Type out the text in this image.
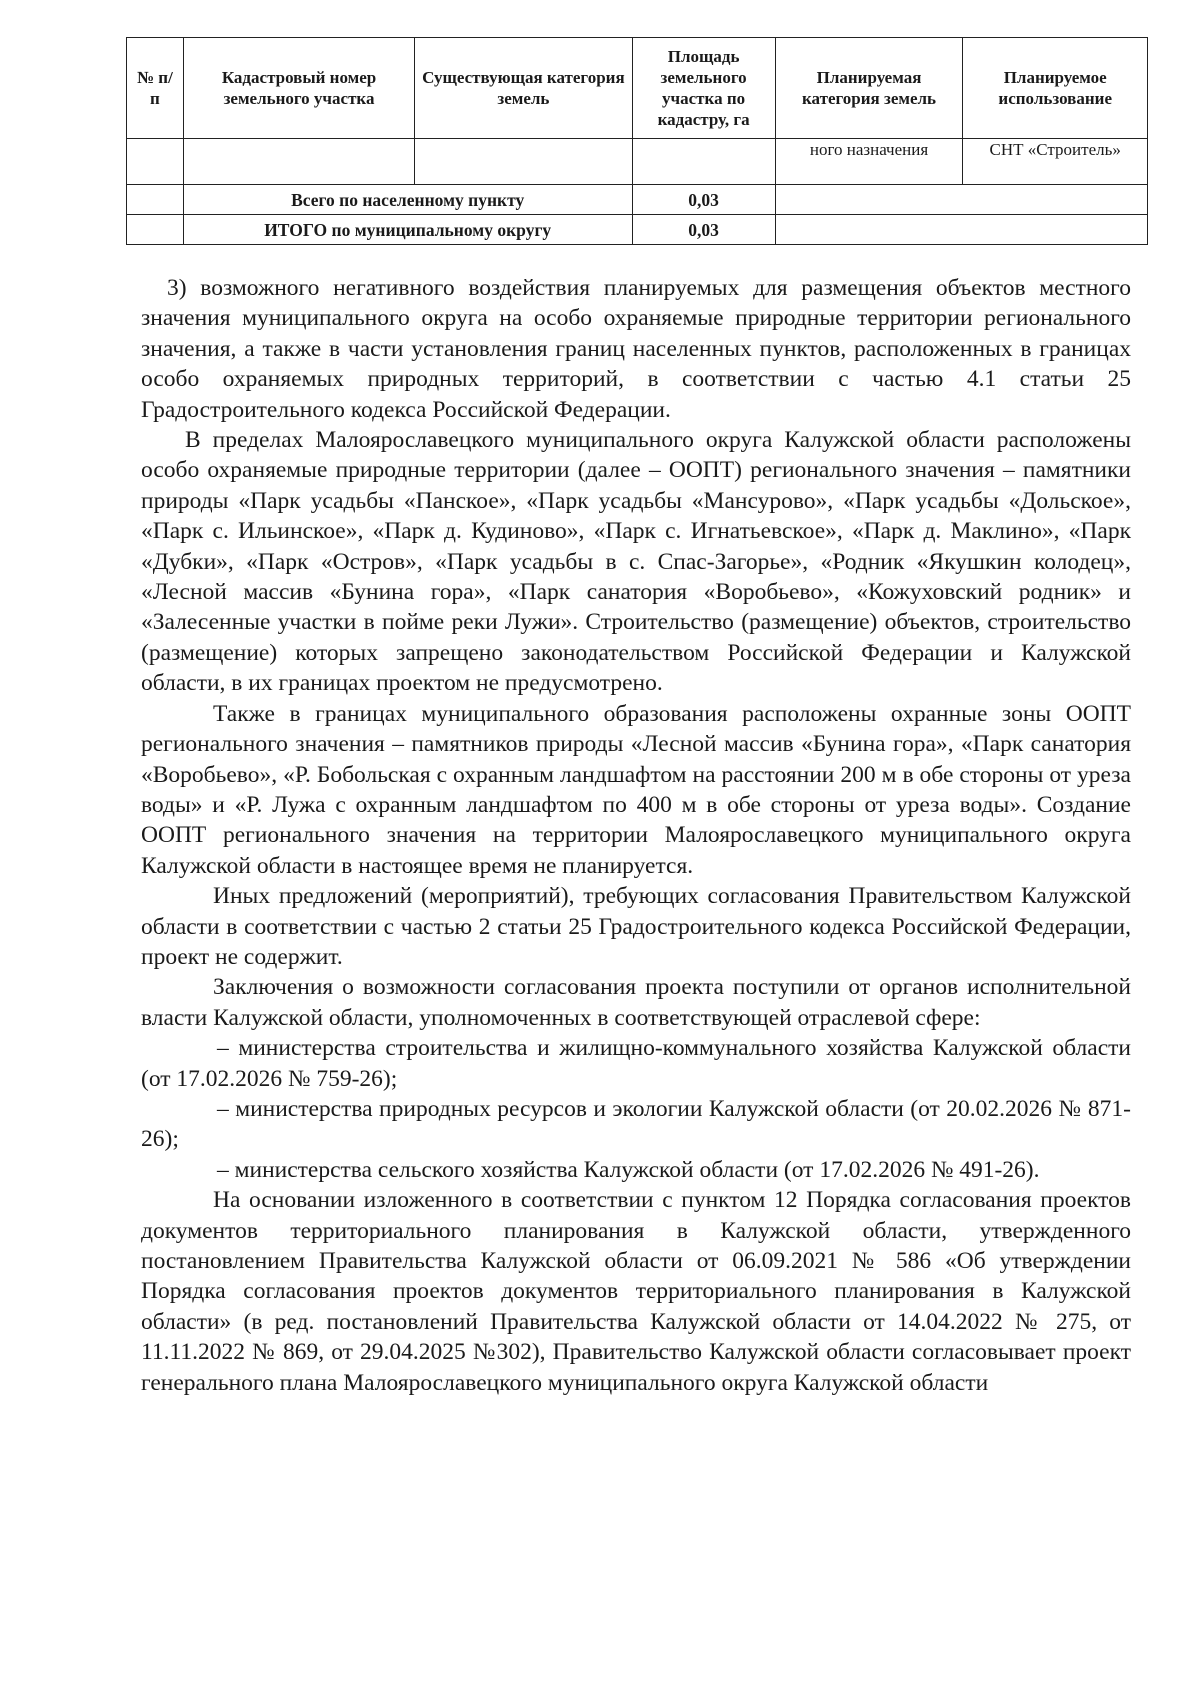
№ п/п	Кадастровый номер земельного участка	Существующая категория земель	Площадь земельного участка по кадастру, га	Планируемая категория земель	Планируемое использование
				ного назначения	СНТ «Строитель»
	Всего по населенному пункту		0,03		
	ИТОГО по муниципальному округу		0,03		

3) возможного негативного воздействия планируемых для размещения объектов местного значения муниципального округа на особо охраняемые природные территории регионального значения, а также в части установления границ населенных пунктов, расположенных в границах особо охраняемых природных территорий, в соответствии с частью 4.1 статьи 25 Градостроительного кодекса Российской Федерации.

В пределах Малоярославецкого муниципального округа Калужской области расположены особо охраняемые природные территории (далее – ООПТ) регионального значения – памятники природы «Парк усадьбы «Панское», «Парк усадьбы «Мансурово», «Парк усадьбы «Дольское», «Парк с. Ильинское», «Парк д. Кудиново», «Парк с. Игнатьевское», «Парк д. Маклино», «Парк «Дубки», «Парк «Остров», «Парк усадьбы в с. Спас-Загорье», «Родник «Якушкин колодец», «Лесной массив «Бунина гора», «Парк санатория «Воробьево», «Кожуховский родник» и «Залесенные участки в пойме реки Лужи». Строительство (размещение) объектов, строительство (размещение) которых запрещено законодательством Российской Федерации и Калужской области, в их границах проектом не предусмотрено.

Также в границах муниципального образования расположены охранные зоны ООПТ регионального значения – памятников природы «Лесной массив «Бунина гора», «Парк санатория «Воробьево», «Р. Бобольская с охранным ландшафтом на расстоянии 200 м в обе стороны от уреза воды» и «Р. Лужа с охранным ландшафтом по 400 м в обе стороны от уреза воды». Создание ООПТ регионального значения на территории Малоярославецкого муниципального округа Калужской области в настоящее время не планируется.

Иных предложений (мероприятий), требующих согласования Правительством Калужской области в соответствии с частью 2 статьи 25 Градостроительного кодекса Российской Федерации, проект не содержит.

Заключения о возможности согласования проекта поступили от органов исполнительной власти Калужской области, уполномоченных в соответствующей отраслевой сфере:

– министерства строительства и жилищно-коммунального хозяйства Калужской области (от 17.02.2026 № 759-26);

– министерства природных ресурсов и экологии Калужской области (от 20.02.2026 № 871-26);

– министерства сельского хозяйства Калужской области (от 17.02.2026 № 491-26).

На основании изложенного в соответствии с пунктом 12 Порядка согласования проектов документов территориального планирования в Калужской области, утвержденного постановлением Правительства Калужской области от 06.09.2021 № 586 «Об утверждении Порядка согласования проектов документов территориального планирования в Калужской области» (в ред. постановлений Правительства Калужской области от 14.04.2022 № 275, от 11.11.2022 № 869, от 29.04.2025 №302), Правительство Калужской области согласовывает проект генерального плана Малоярославецкого муниципального округа Калужской области
